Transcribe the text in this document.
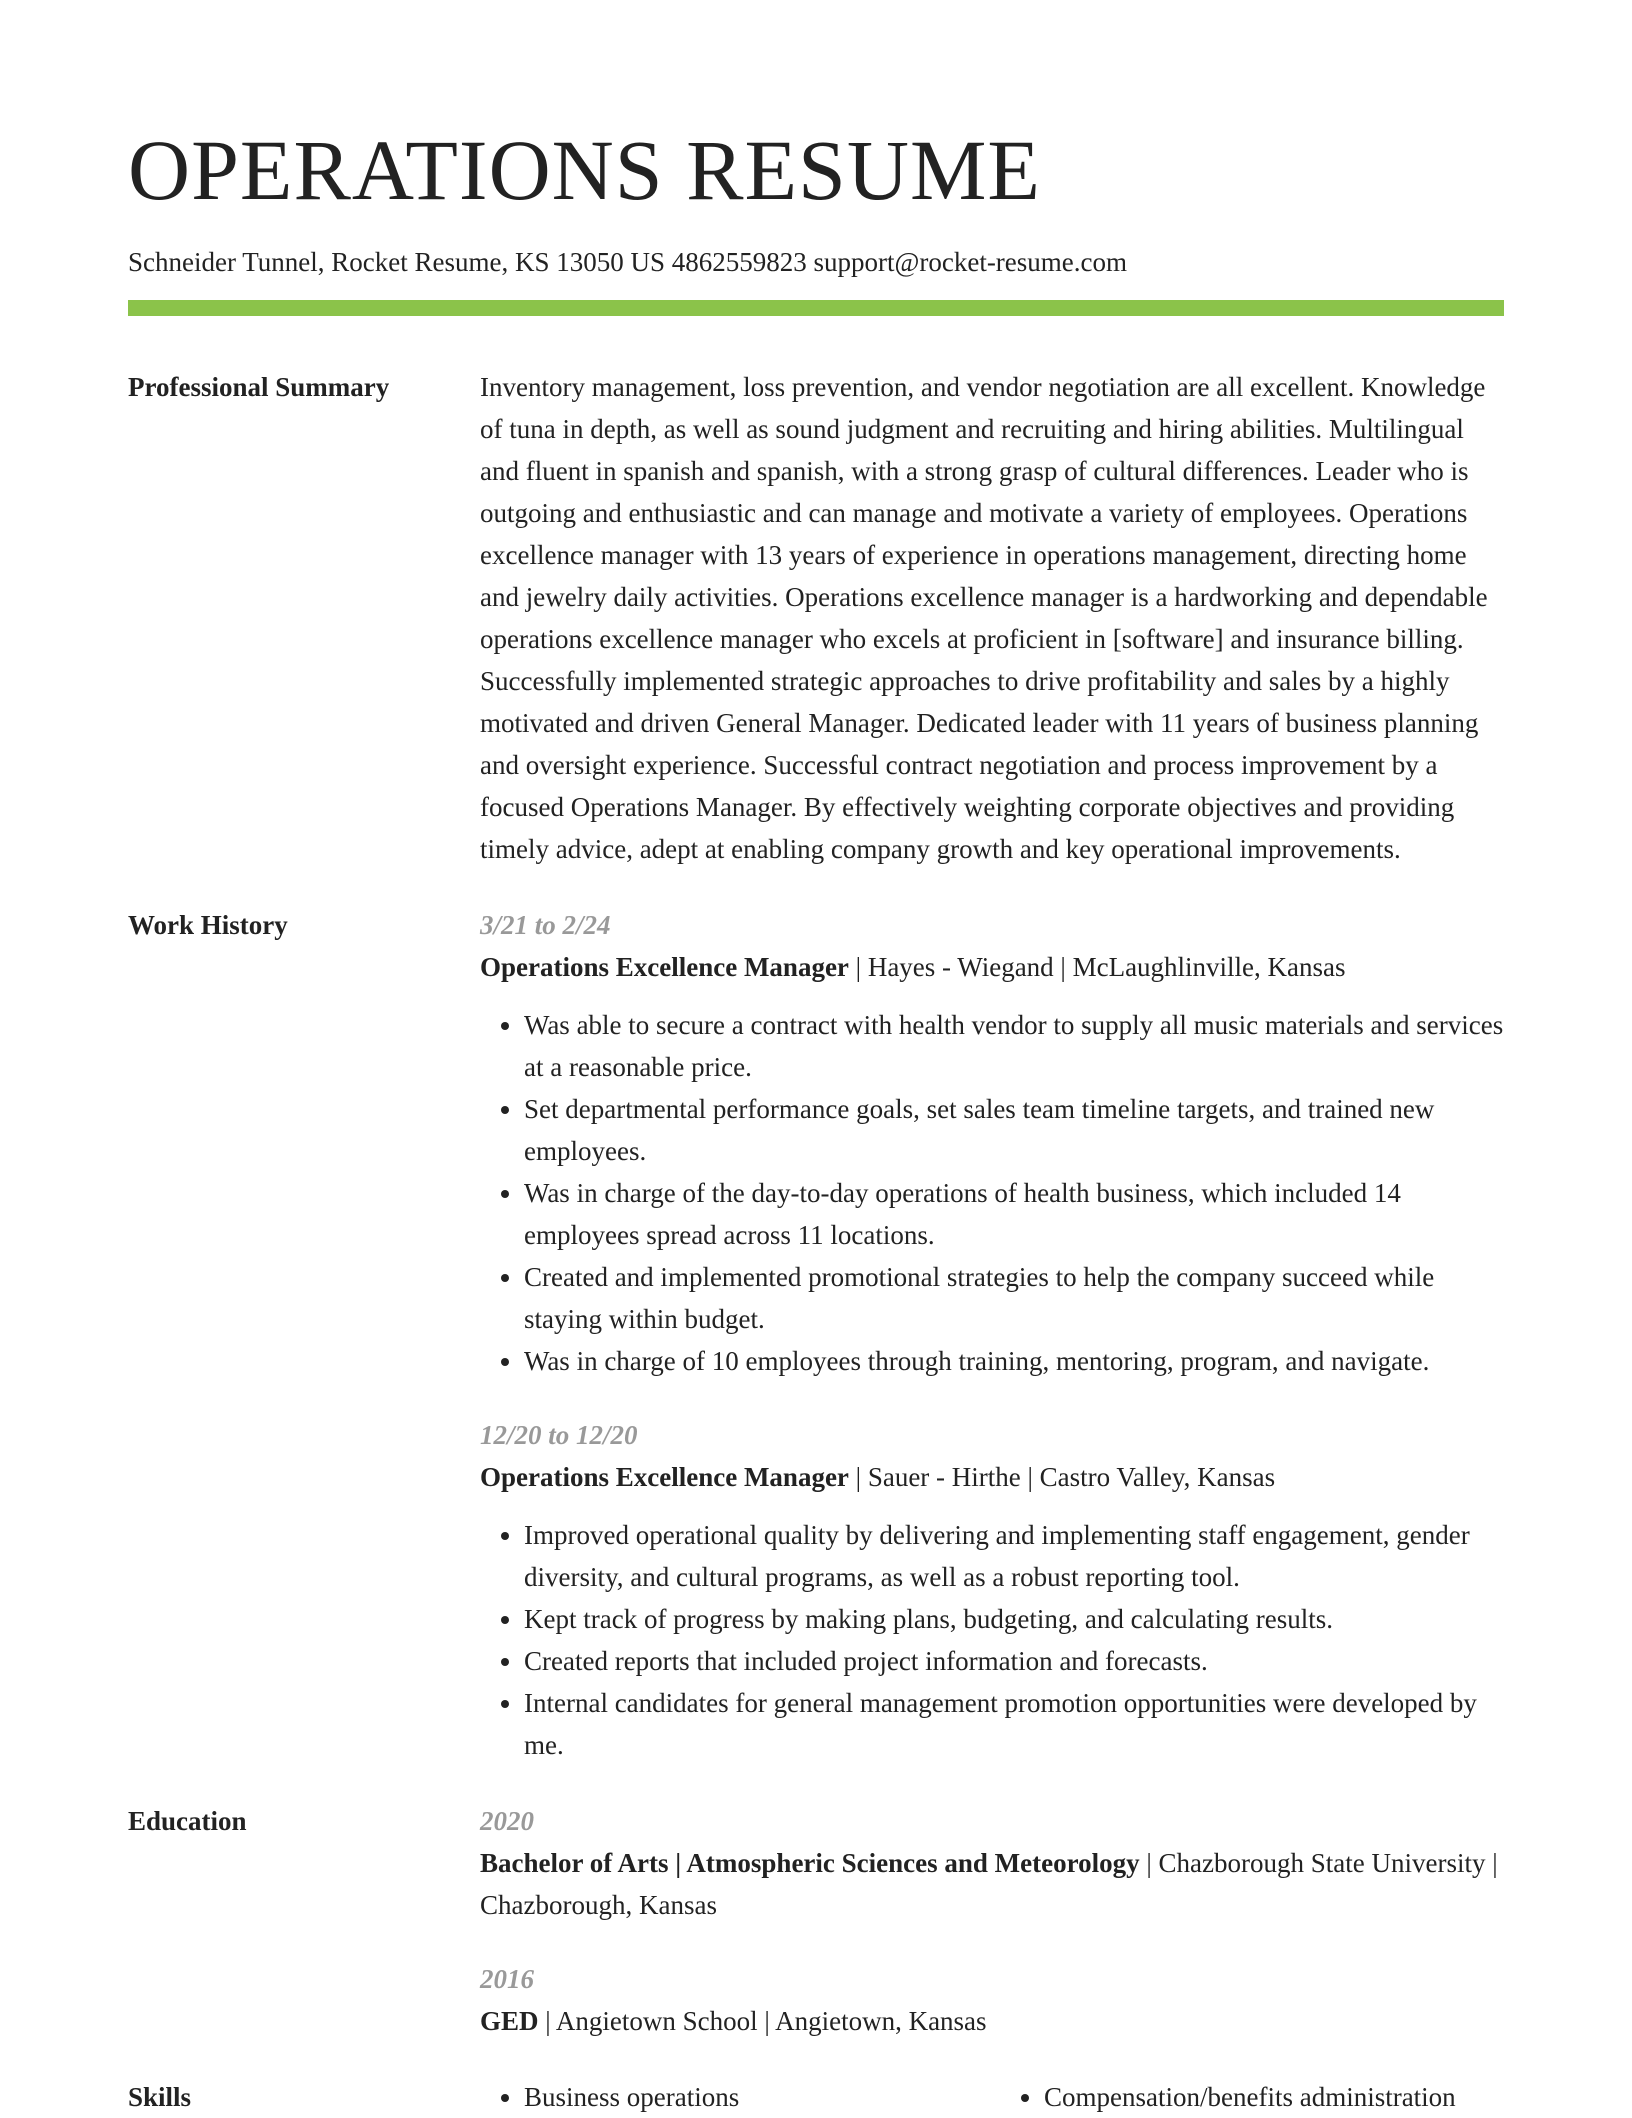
OPERATIONS RESUME
Schneider Tunnel, Rocket Resume, KS 13050 US 4862559823 support@rocket-resume.com
Professional Summary	Inventory management, loss prevention, and vendor negotiation are all excellent. Knowledge of tuna in depth, as well as sound judgment and recruiting and hiring abilities. Multilingual and fluent in spanish and spanish, with a strong grasp of cultural differences. Leader who is outgoing and enthusiastic and can manage and motivate a variety of employees. Operations excellence manager with 13 years of experience in operations management, directing home and jewelry daily activities. Operations excellence manager is a hardworking and dependable operations excellence manager who excels at proficient in [software] and insurance billing. Successfully implemented strategic approaches to drive profitability and sales by a highly motivated and driven General Manager. Dedicated leader with 11 years of business planning and oversight experience. Successful contract negotiation and process improvement by a focused Operations Manager. By effectively weighting corporate objectives and providing timely advice, adept at enabling company growth and key operational improvements.
Work History	3/21 to 2/24
Operations Excellence Manager | Hayes - Wiegand | McLaughlinville, Kansas
• Was able to secure a contract with health vendor to supply all music materials and services at a reasonable price.
• Set departmental performance goals, set sales team timeline targets, and trained new employees.
• Was in charge of the day-to-day operations of health business, which included 14 employees spread across 11 locations.
• Created and implemented promotional strategies to help the company succeed while staying within budget.
• Was in charge of 10 employees through training, mentoring, program, and navigate.
12/20 to 12/20
Operations Excellence Manager | Sauer - Hirthe | Castro Valley, Kansas
• Improved operational quality by delivering and implementing staff engagement, gender diversity, and cultural programs, as well as a robust reporting tool.
• Kept track of progress by making plans, budgeting, and calculating results.
• Created reports that included project information and forecasts.
• Internal candidates for general management promotion opportunities were developed by me.
Education	2020
Bachelor of Arts | Atmospheric Sciences and Meteorology | Chazborough State University | Chazborough, Kansas
2016
GED | Angietown School | Angietown, Kansas
Skills	• Business operations	• Compensation/benefits administration
